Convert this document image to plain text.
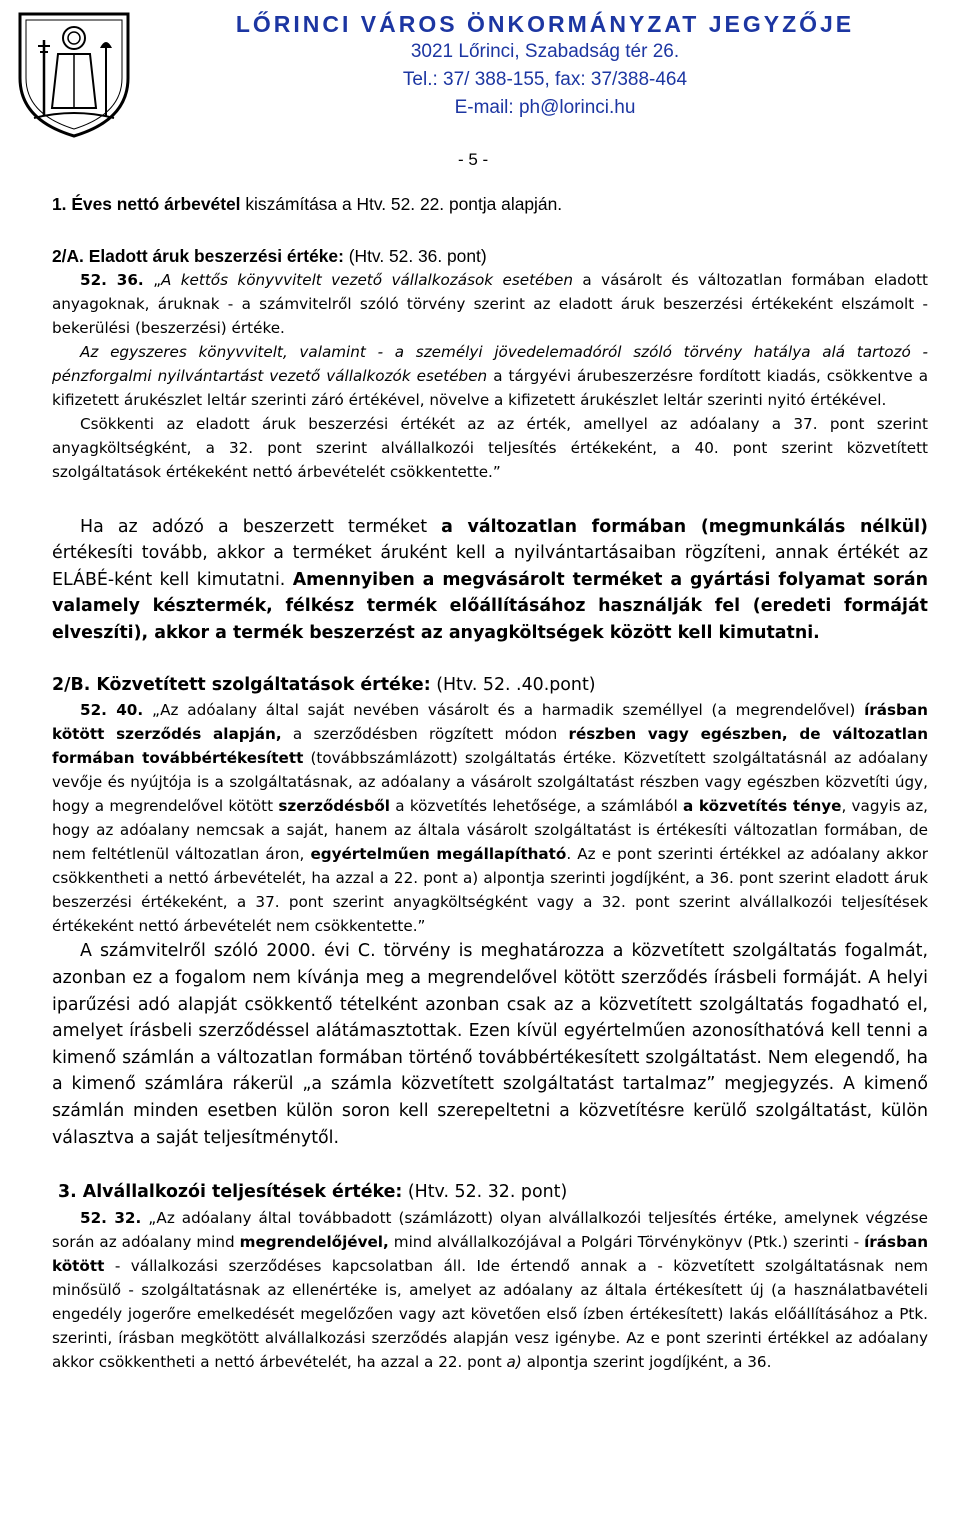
LŐRINCI VÁROS ÖNKORMÁNYZAT JEGYZŐJE
3021 Lőrinci, Szabadság tér 26.
Tel.: 37/ 388-155, fax: 37/388-464
E-mail: ph@lorinci.hu
- 5 -

1. Éves nettó árbevétel kiszámítása a Htv. 52. 22. pontja alapján.

2/A. Eladott áruk beszerzési értéke: (Htv. 52. 36. pont)

52. 36. „A kettős könyvvitelt vezető vállalkozások esetében a vásárolt és változatlan formában eladott anyagoknak, áruknak - a számvitelről szóló törvény szerint az eladott áruk beszerzési értékeként elszámolt - bekerülési (beszerzési) értéke.

Az egyszeres könyvvitelt, valamint - a személyi jövedelemadóról szóló törvény hatálya alá tartozó - pénzforgalmi nyilvántartást vezető vállalkozók esetében a tárgyévi árubeszerzésre fordított kiadás, csökkentve a kifizetett árukészlet leltár szerinti záró értékével, növelve a kifizetett árukészlet leltár szerinti nyitó értékével.

Csökkenti az eladott áruk beszerzési értékét az az érték, amellyel az adóalany a 37. pont szerint anyagköltségként, a 32. pont szerint alvállalkozói teljesítés értékeként, a 40. pont szerint közvetített szolgáltatások értékeként nettó árbevételét csökkentette.”

Ha az adózó a beszerzett terméket a változatlan formában (megmunkálás nélkül) értékesíti tovább, akkor a terméket áruként kell a nyilvántartásaiban rögzíteni, annak értékét az ELÁBÉ-ként kell kimutatni. Amennyiben a megvásárolt terméket a gyártási folyamat során valamely késztermék, félkész termék előállításához használják fel (eredeti formáját elveszíti), akkor a termék beszerzést az anyagköltségek között kell kimutatni.

2/B. Közvetített szolgáltatások értéke: (Htv. 52. .40.pont)

52. 40. „Az adóalany által saját nevében vásárolt és a harmadik személlyel (a megrendelővel) írásban kötött szerződés alapján, a szerződésben rögzített módon részben vagy egészben, de változatlan formában továbbértékesített (továbbszámlázott) szolgáltatás értéke. Közvetített szolgáltatásnál az adóalany vevője és nyújtója is a szolgáltatásnak, az adóalany a vásárolt szolgáltatást részben vagy egészben közvetíti úgy, hogy a megrendelővel kötött szerződésből a közvetítés lehetősége, a számlából a közvetítés ténye, vagyis az, hogy az adóalany nemcsak a saját, hanem az általa vásárolt szolgáltatást is értékesíti változatlan formában, de nem feltétlenül változatlan áron, egyértelműen megállapítható. Az e pont szerinti értékkel az adóalany akkor csökkentheti a nettó árbevételét, ha azzal a 22. pont a) alpontja szerinti jogdíjként, a 36. pont szerint eladott áruk beszerzési értékeként, a 37. pont szerint anyagköltségként vagy a 32. pont szerint alvállalkozói teljesítések értékeként nettó árbevételét nem csökkentette.”

A számvitelről szóló 2000. évi C. törvény is meghatározza a közvetített szolgáltatás fogalmát, azonban ez a fogalom nem kívánja meg a megrendelővel kötött szerződés írásbeli formáját. A helyi iparűzési adó alapját csökkentő tételként azonban csak az a közvetített szolgáltatás fogadható el, amelyet írásbeli szerződéssel alátámasztottak. Ezen kívül egyértelműen azonosíthatóvá kell tenni a kimenő számlán a változatlan formában történő továbbértékesített szolgáltatást. Nem elegendő, ha a kimenő számlára rákerül „a számla közvetített szolgáltatást tartalmaz” megjegyzés. A kimenő számlán minden esetben külön soron kell szerepeltetni a közvetítésre kerülő szolgáltatást, külön választva a saját teljesítménytől.

3. Alvállalkozói teljesítések értéke: (Htv. 52. 32. pont)

52. 32. „Az adóalany által továbbadott (számlázott) olyan alvállalkozói teljesítés értéke, amelynek végzése során az adóalany mind megrendelőjével, mind alvállalkozójával a Polgári Törvénykönyv (Ptk.) szerinti - írásban kötött - vállalkozási szerződéses kapcsolatban áll. Ide értendő annak a - közvetített szolgáltatásnak nem minősülő - szolgáltatásnak az ellenértéke is, amelyet az adóalany az általa értékesített új (a használatbavételi engedély jogerőre emelkedését megelőzően vagy azt követően első ízben értékesített) lakás előállításához a Ptk. szerinti, írásban megkötött alvállalkozási szerződés alapján vesz igénybe. Az e pont szerinti értékkel az adóalany akkor csökkentheti a nettó árbevételét, ha azzal a 22. pont a) alpontja szerint jogdíjként, a 36.
